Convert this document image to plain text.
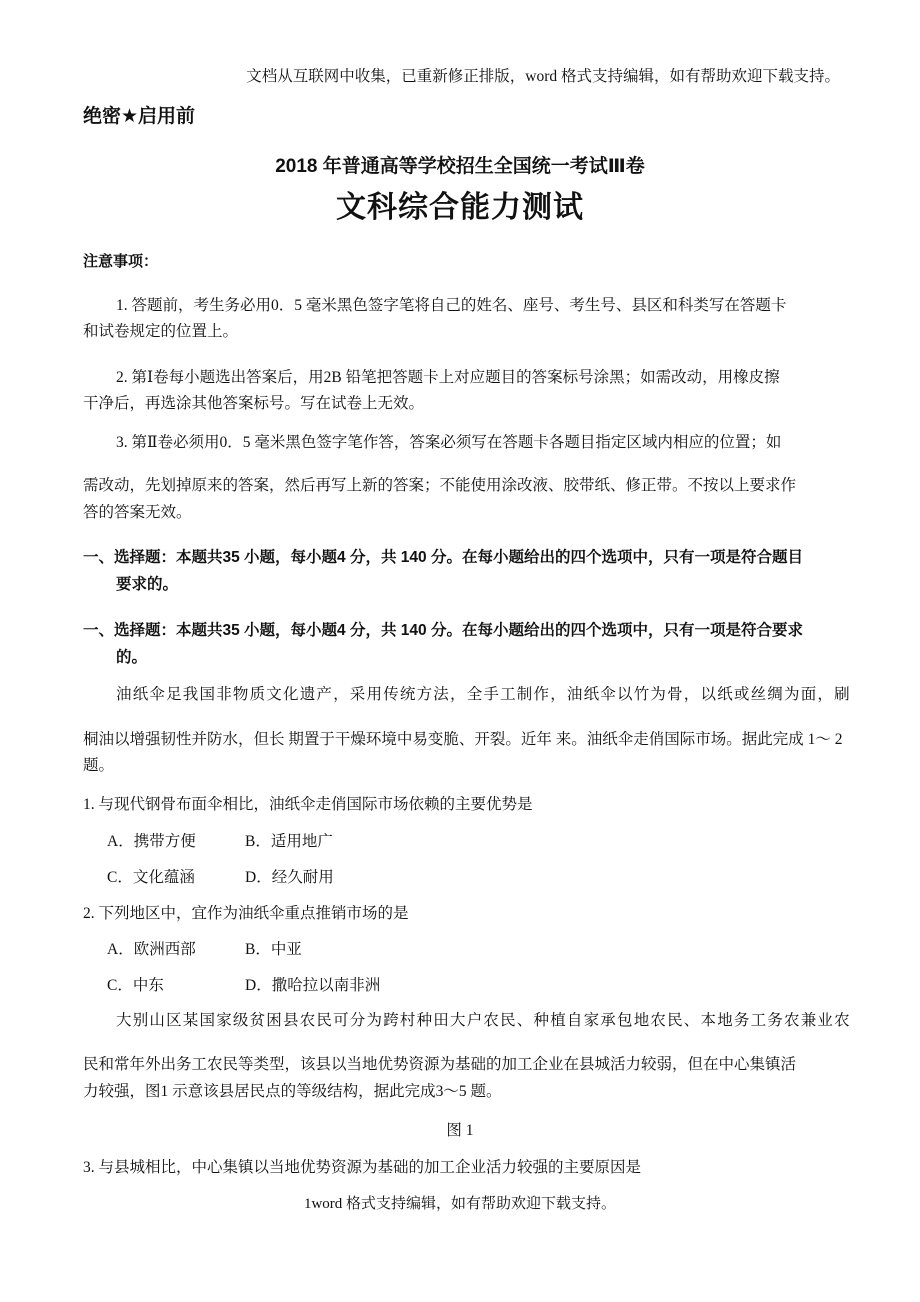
文档从互联网中收集，已重新修正排版，word 格式支持编辑，如有帮助欢迎下载支持。
绝密★启用前
2018 年普通高等学校招生全国统一考试Ⅲ卷
文科综合能力测试
注意事项：
1. 答题前，考生务必用0．5 毫米黑色签字笔将自己的姓名、座号、考生号、县区和科类写在答题卡
和试卷规定的位置上。
2. 第Ⅰ卷每小题选出答案后，用2B 铅笔把答题卡上对应题目的答案标号涂黑；如需改动，用橡皮擦
干净后，再选涂其他答案标号。写在试卷上无效。
3. 第Ⅱ卷必须用0．5 毫米黑色签字笔作答，答案必须写在答题卡各题目指定区域内相应的位置；如
需改动，先划掉原来的答案，然后再写上新的答案；不能使用涂改液、胶带纸、修正带。不按以上要求作
答的答案无效。
一、选择题：本题共35 小题，每小题4 分，共 140 分。在每小题给出的四个选项中，只有一项是符合题目
要求的。
一、选择题：本题共35 小题，每小题4 分，共 140 分。在每小题给出的四个选项中，只有一项是符合要求
的。
油纸伞足我国非物质文化遗产，采用传统方法，全手工制作，油纸伞以竹为骨，以纸或丝绸为面，刷
桐油以增强韧性并防水，但长 期置于干燥环境中易变脆、开裂。近年 来。油纸伞走俏国际市场。据此完成 1～ 2
题。
1. 与现代钢骨布面伞相比，油纸伞走俏国际市场依赖的主要优势是
A．携带方便	B．适用地广
C．文化蕴涵	D．经久耐用
2. 下列地区中，宜作为油纸伞重点推销市场的是
A．欧洲西部	B．中亚
C．中东	D．撒哈拉以南非洲
大别山区某国家级贫困县农民可分为跨村种田大户农民、种植自家承包地农民、本地务工务农兼业农
民和常年外出务工农民等类型，该县以当地优势资源为基础的加工企业在县城活力较弱，但在中心集镇活
力较强，图1 示意该县居民点的等级结构，据此完成3～5 题。
图 1
3. 与县城相比，中心集镇以当地优势资源为基础的加工企业活力较强的主要原因是
1word 格式支持编辑，如有帮助欢迎下载支持。
